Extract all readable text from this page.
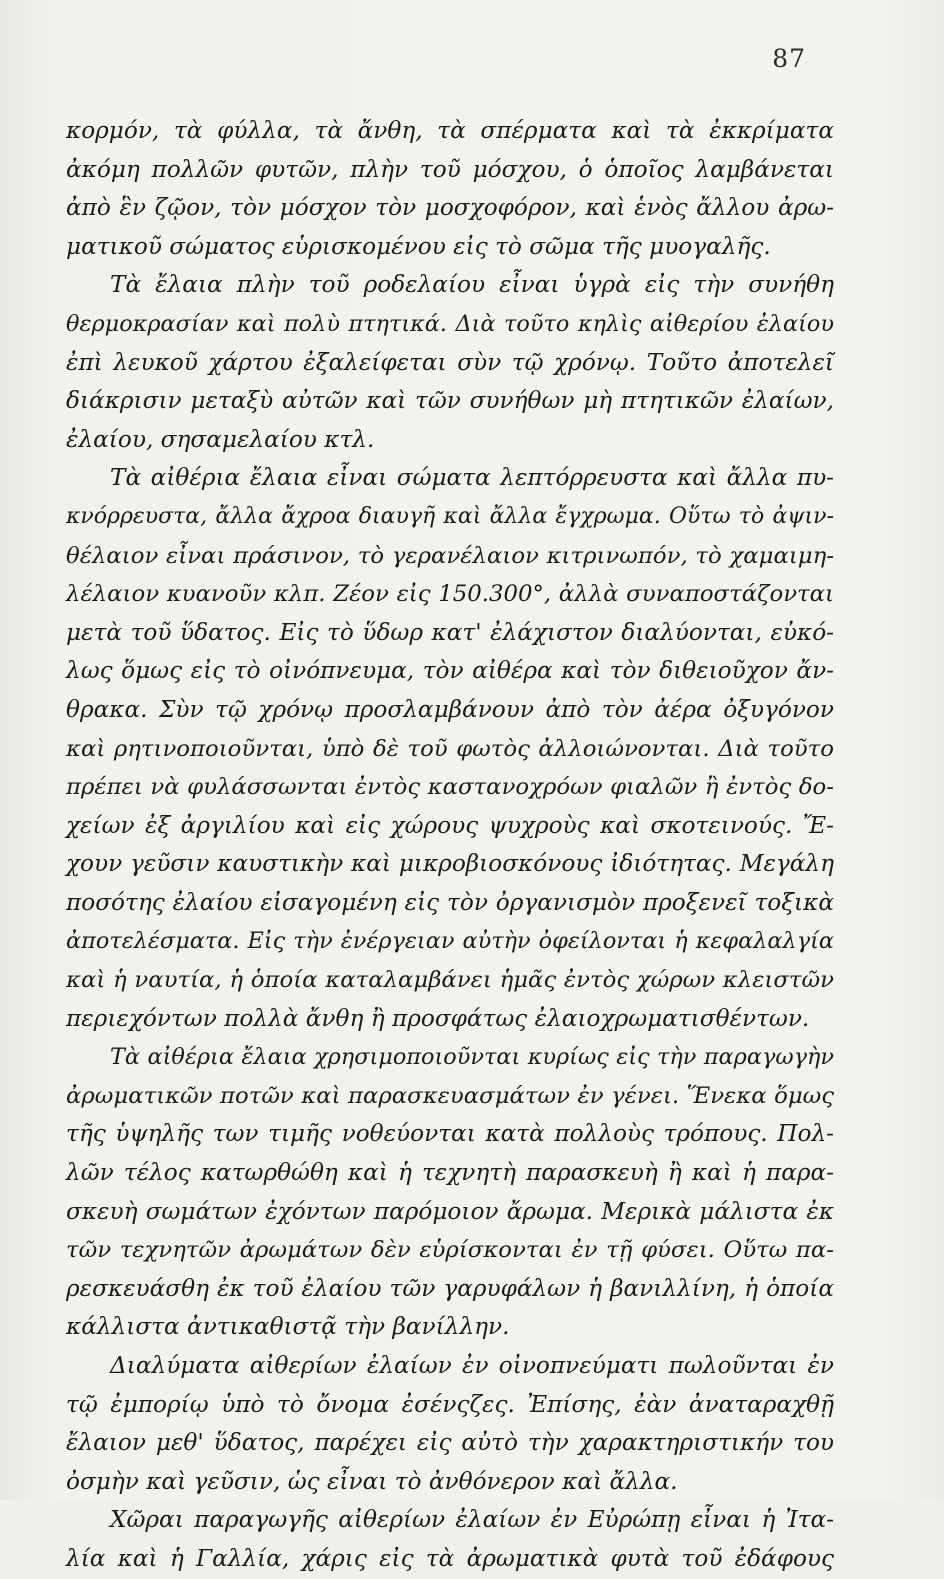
87
κορμόν, τὰ φύλλα, τὰ ἄνθη, τὰ σπέρματα καὶ τὰ ἐκκρίματα
ἀκόμη πολλῶν φυτῶν, πλὴν τοῦ μόσχου, ὁ ὁποῖος λαμβάνεται
ἀπὸ ἓν ζῷον, τὸν μόσχον τὸν μοσχοφόρον, καὶ ἑνὸς ἄλλου ἀρω-
ματικοῦ σώματος εὑρισκομένου εἰς τὸ σῶμα τῆς μυογαλῆς.
Τὰ ἔλαια πλὴν τοῦ ροδελαίου εἶναι ὑγρὰ εἰς τὴν συνήθη
θερμοκρασίαν καὶ πολὺ πτητικά. Διὰ τοῦτο κηλὶς αἰθερίου ἐλαίου
ἐπὶ λευκοῦ χάρτου ἐξαλείφεται σὺν τῷ χρόνῳ. Τοῦτο ἀποτελεῖ
διάκρισιν μεταξὺ αὐτῶν καὶ τῶν συνήθων μὴ πτητικῶν ἐλαίων,
ἐλαίου, σησαμελαίου κτλ.
Τὰ αἰθέρια ἔλαια εἶναι σώματα λεπτόρρευστα καὶ ἄλλα πυ-
κνόρρευστα, ἄλλα ἄχροα διαυγῆ καὶ ἄλλα ἔγχρωμα. Οὕτω τὸ ἀψιν-
θέλαιον εἶναι πράσινον, τὸ γερανέλαιον κιτρινωπόν, τὸ χαμαιμη-
λέλαιον κυανοῦν κλπ. Ζέον εἰς 150.300°, ἀλλὰ συναποστάζονται
μετὰ τοῦ ὕδατος. Εἰς τὸ ὕδωρ κατ' ἐλάχιστον διαλύονται, εὐκό-
λως ὅμως εἰς τὸ οἰνόπνευμα, τὸν αἰθέρα καὶ τὸν διθειοῦχον ἄν-
θρακα. Σὺν τῷ χρόνῳ προσλαμβάνουν ἀπὸ τὸν ἀέρα ὀξυγόνον
καὶ ρητινοποιοῦνται, ὑπὸ δὲ τοῦ φωτὸς ἀλλοιώνονται. Διὰ τοῦτο
πρέπει νὰ φυλάσσωνται ἐντὸς καστανοχρόων φιαλῶν ἢ ἐντὸς δο-
χείων ἐξ ἀργιλίου καὶ εἰς χώρους ψυχροὺς καὶ σκοτεινούς. Ἔ-
χουν γεῦσιν καυστικὴν καὶ μικροβιοσκόνους ἰδιότητας. Μεγάλη
ποσότης ἐλαίου εἰσαγομένη εἰς τὸν ὀργανισμὸν προξενεῖ τοξικὰ
ἀποτελέσματα. Εἰς τὴν ἐνέργειαν αὐτὴν ὀφείλονται ἡ κεφαλαλγία
καὶ ἡ ναυτία, ἡ ὁποία καταλαμβάνει ἡμᾶς ἐντὸς χώρων κλειστῶν
περιεχόντων πολλὰ ἄνθη ἢ προσφάτως ἐλαιοχρωματισθέντων.
Τὰ αἰθέρια ἔλαια χρησιμοποιοῦνται κυρίως εἰς τὴν παραγωγὴν
ἀρωματικῶν ποτῶν καὶ παρασκευασμάτων ἐν γένει. Ἕνεκα ὅμως
τῆς ὑψηλῆς των τιμῆς νοθεύονται κατὰ πολλοὺς τρόπους. Πολ-
λῶν τέλος κατωρθώθη καὶ ἡ τεχνητὴ παρασκευὴ ἢ καὶ ἡ παρα-
σκευὴ σωμάτων ἐχόντων παρόμοιον ἄρωμα. Μερικὰ μάλιστα ἐκ
τῶν τεχνητῶν ἀρωμάτων δὲν εὑρίσκονται ἐν τῇ φύσει. Οὕτω πα-
ρεσκευάσθη ἐκ τοῦ ἐλαίου τῶν γαρυφάλων ἡ βανιλλίνη, ἡ ὁποία
κάλλιστα ἀντικαθιστᾷ τὴν βανίλλην.
Διαλύματα αἰθερίων ἐλαίων ἐν οἰνοπνεύματι πωλοῦνται ἐν
τῷ ἐμπορίῳ ὑπὸ τὸ ὄνομα ἐσένςζες. Ἐπίσης, ἐὰν ἀναταραχθῇ
ἔλαιον μεθ' ὕδατος, παρέχει εἰς αὐτὸ τὴν χαρακτηριστικήν του
ὀσμὴν καὶ γεῦσιν, ὡς εἶναι τὸ ἀνθόνερον καὶ ἄλλα.
Χῶραι παραγωγῆς αἰθερίων ἐλαίων ἐν Εὐρώπῃ εἶναι ἡ Ἰτα-
λία καὶ ἡ Γαλλία, χάρις εἰς τὰ ἀρωματικὰ φυτὰ τοῦ ἐδάφους
